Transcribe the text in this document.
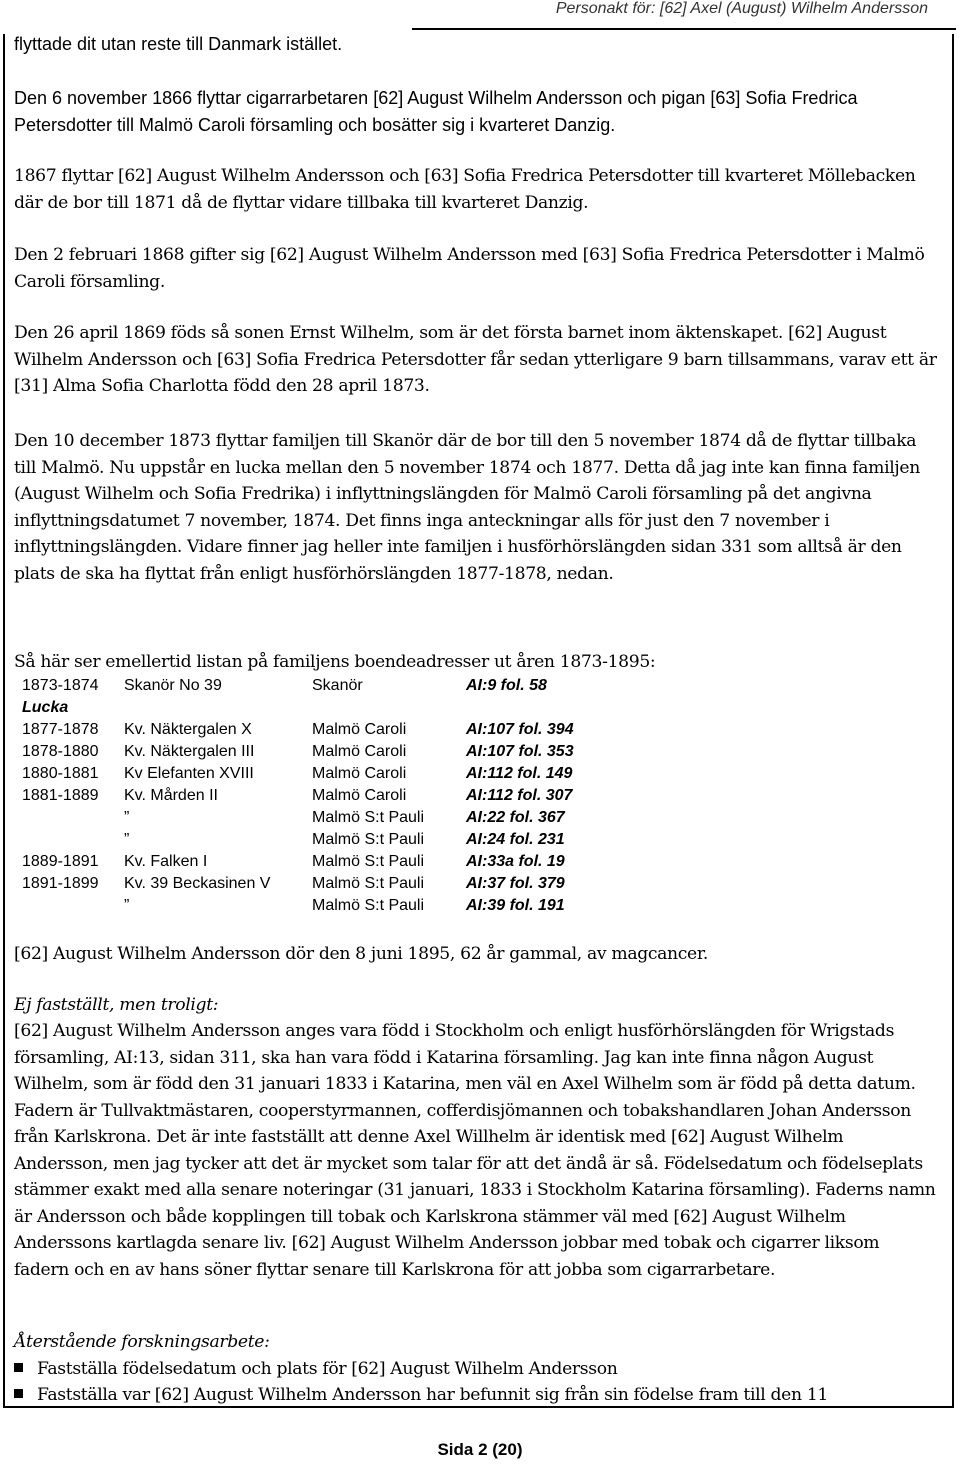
Personakt för: [62] Axel (August) Wilhelm Andersson
flyttade dit utan reste till Danmark istället.

Den 6 november 1866 flyttar cigarrarbetaren [62] August Wilhelm Andersson och pigan [63] Sofia Fredrica Petersdotter till Malmö Caroli församling och bosätter sig i kvarteret Danzig.

1867 flyttar [62] August Wilhelm Andersson och [63] Sofia Fredrica Petersdotter till kvarteret Möllebacken där de bor till 1871 då de flyttar vidare tillbaka till kvarteret Danzig.

Den 2 februari 1868 gifter sig [62] August Wilhelm Andersson med [63] Sofia Fredrica Petersdotter i Malmö Caroli församling.

Den 26 april 1869 föds så sonen Ernst Wilhelm, som är det första barnet inom äktenskapet. [62] August Wilhelm Andersson och [63] Sofia Fredrica Petersdotter får sedan ytterligare 9 barn tillsammans, varav ett är [31] Alma Sofia Charlotta född den 28 april 1873.

Den 10 december 1873 flyttar familjen till Skanör där de bor till den 5 november 1874 då de flyttar tillbaka till Malmö. Nu uppstår en lucka mellan den 5 november 1874 och 1877. Detta då jag inte kan finna familjen (August Wilhelm och Sofia Fredrika) i inflyttningslängden för Malmö Caroli församling på det angivna inflyttningsdatumet 7 november, 1874. Det finns inga anteckningar alls för just den 7 november i inflyttningslängden. Vidare finner jag heller inte familjen i husförhörslängden sidan 331 som alltså är den plats de ska ha flyttat från enligt husförhörslängden 1877-1878, nedan.

Så här ser emellertid listan på familjens boendeadresser ut åren 1873-1895:

1873-1874	Skanör No 39	Skanör	AI:9 fol. 58
Lucka			
1877-1878	Kv. Näktergalen X	Malmö Caroli	AI:107 fol. 394
1878-1880	Kv. Näktergalen III	Malmö Caroli	AI:107 fol. 353
1880-1881	Kv Elefanten XVIII	Malmö Caroli	AI:112 fol. 149
1881-1889	Kv. Mården II	Malmö Caroli	AI:112 fol. 307
	”	Malmö S:t Pauli	AI:22 fol. 367
	”	Malmö S:t Pauli	AI:24 fol. 231
1889-1891	Kv. Falken I	Malmö S:t Pauli	AI:33a fol. 19
1891-1899	Kv. 39 Beckasinen V	Malmö S:t Pauli	AI:37 fol. 379
	”	Malmö S:t Pauli	AI:39 fol. 191

[62] August Wilhelm Andersson dör den 8 juni 1895, 62 år gammal, av magcancer.

Ej fastställt, men troligt:

[62] August Wilhelm Andersson anges vara född i Stockholm och enligt husförhörslängden för Wrigstads församling, AI:13, sidan 311, ska han vara född i Katarina församling. Jag kan inte finna någon August Wilhelm, som är född den 31 januari 1833 i Katarina, men väl en Axel Wilhelm som är född på detta datum. Fadern är Tullvaktmästaren, cooperstyrmannen, cofferdisjömannen och tobakshandlaren Johan Andersson från Karlskrona. Det är inte fastställt att denne Axel Willhelm är identisk med [62] August Wilhelm Andersson, men jag tycker att det är mycket som talar för att det ändå är så. Födelsedatum och födelseplats stämmer exakt med alla senare noteringar (31 januari, 1833 i Stockholm Katarina församling). Faderns namn är Andersson och både kopplingen till tobak och Karlskrona stämmer väl med [62] August Wilhelm Anderssons kartlagda senare liv. [62] August Wilhelm Andersson jobbar med tobak och cigarrer liksom fadern och en av hans söner flyttar senare till Karlskrona för att jobba som cigarrarbetare.

Återstående forskningsarbete:

Fastställa födelsedatum och plats för [62] August Wilhelm Andersson
Fastställa var [62] August Wilhelm Andersson har befunnit sig från sin födelse fram till den 11
Sida 2 (20)
